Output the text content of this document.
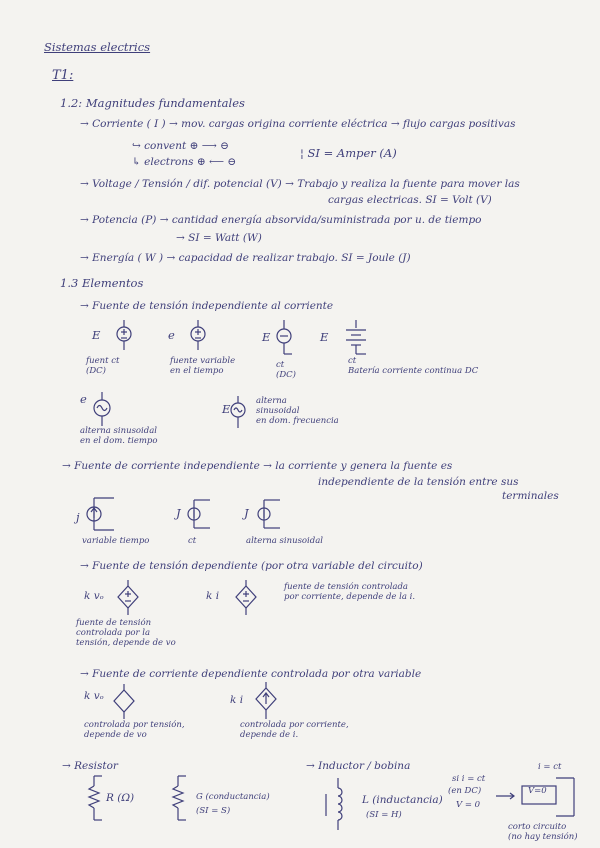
Sistemas electrics
T1:
1.2: Magnitudes fundamentales
→ Corriente ( I ) → mov. cargas origina corriente eléctrica → flujo cargas positivas
↪ convent ⊕ ⟶ ⊖
↳ electrons ⊕ ⟵ ⊖
¦ SI = Amper (A)
→ Voltage / Tensión / dif. potencial (V) → Trabajo y realiza la fuente para mover las
cargas electricas. SI = Volt (V)
→ Potencia (P) → cantidad energía absorvida/suministrada por u. de tiempo
→ SI = Watt (W)
→ Energía ( W ) → capacidad de realizar trabajo. SI = Joule (J)
1.3 Elementos
→ Fuente de tensión independiente al corriente
E	e	E	E
fuent ct
(DC)
fuente variable
en el tiempo
ct
(DC)
ct
Batería corriente continua DC
e
alterna sinusoidal
en el dom. tiempo
E
alterna
sinusoidal
en dom. frecuencia
→ Fuente de corriente independiente → la corriente y genera la fuente es
independiente de la tensión entre sus
terminales
j
variable tiempo
J
ct
J
alterna sinusoidal
→ Fuente de tensión dependiente (por otra variable del circuito)
k vₒ
fuente de tensión
controlada por la
tensión, depende de vo
k i
fuente de tensión controlada
por corriente, depende de la i.
→ Fuente de corriente dependiente controlada por otra variable
k vₒ
controlada por tensión,
depende de vo
k i
controlada por corriente,
depende de i.
→ Resistor
R (Ω)	G (conductancia)
(SI = S)
→ Inductor / bobina
L (inductancia)
(SI = H)
si i = ct
(en DC)
V = 0
i = ct
V=0
corto circuito
(no hay tensión)
